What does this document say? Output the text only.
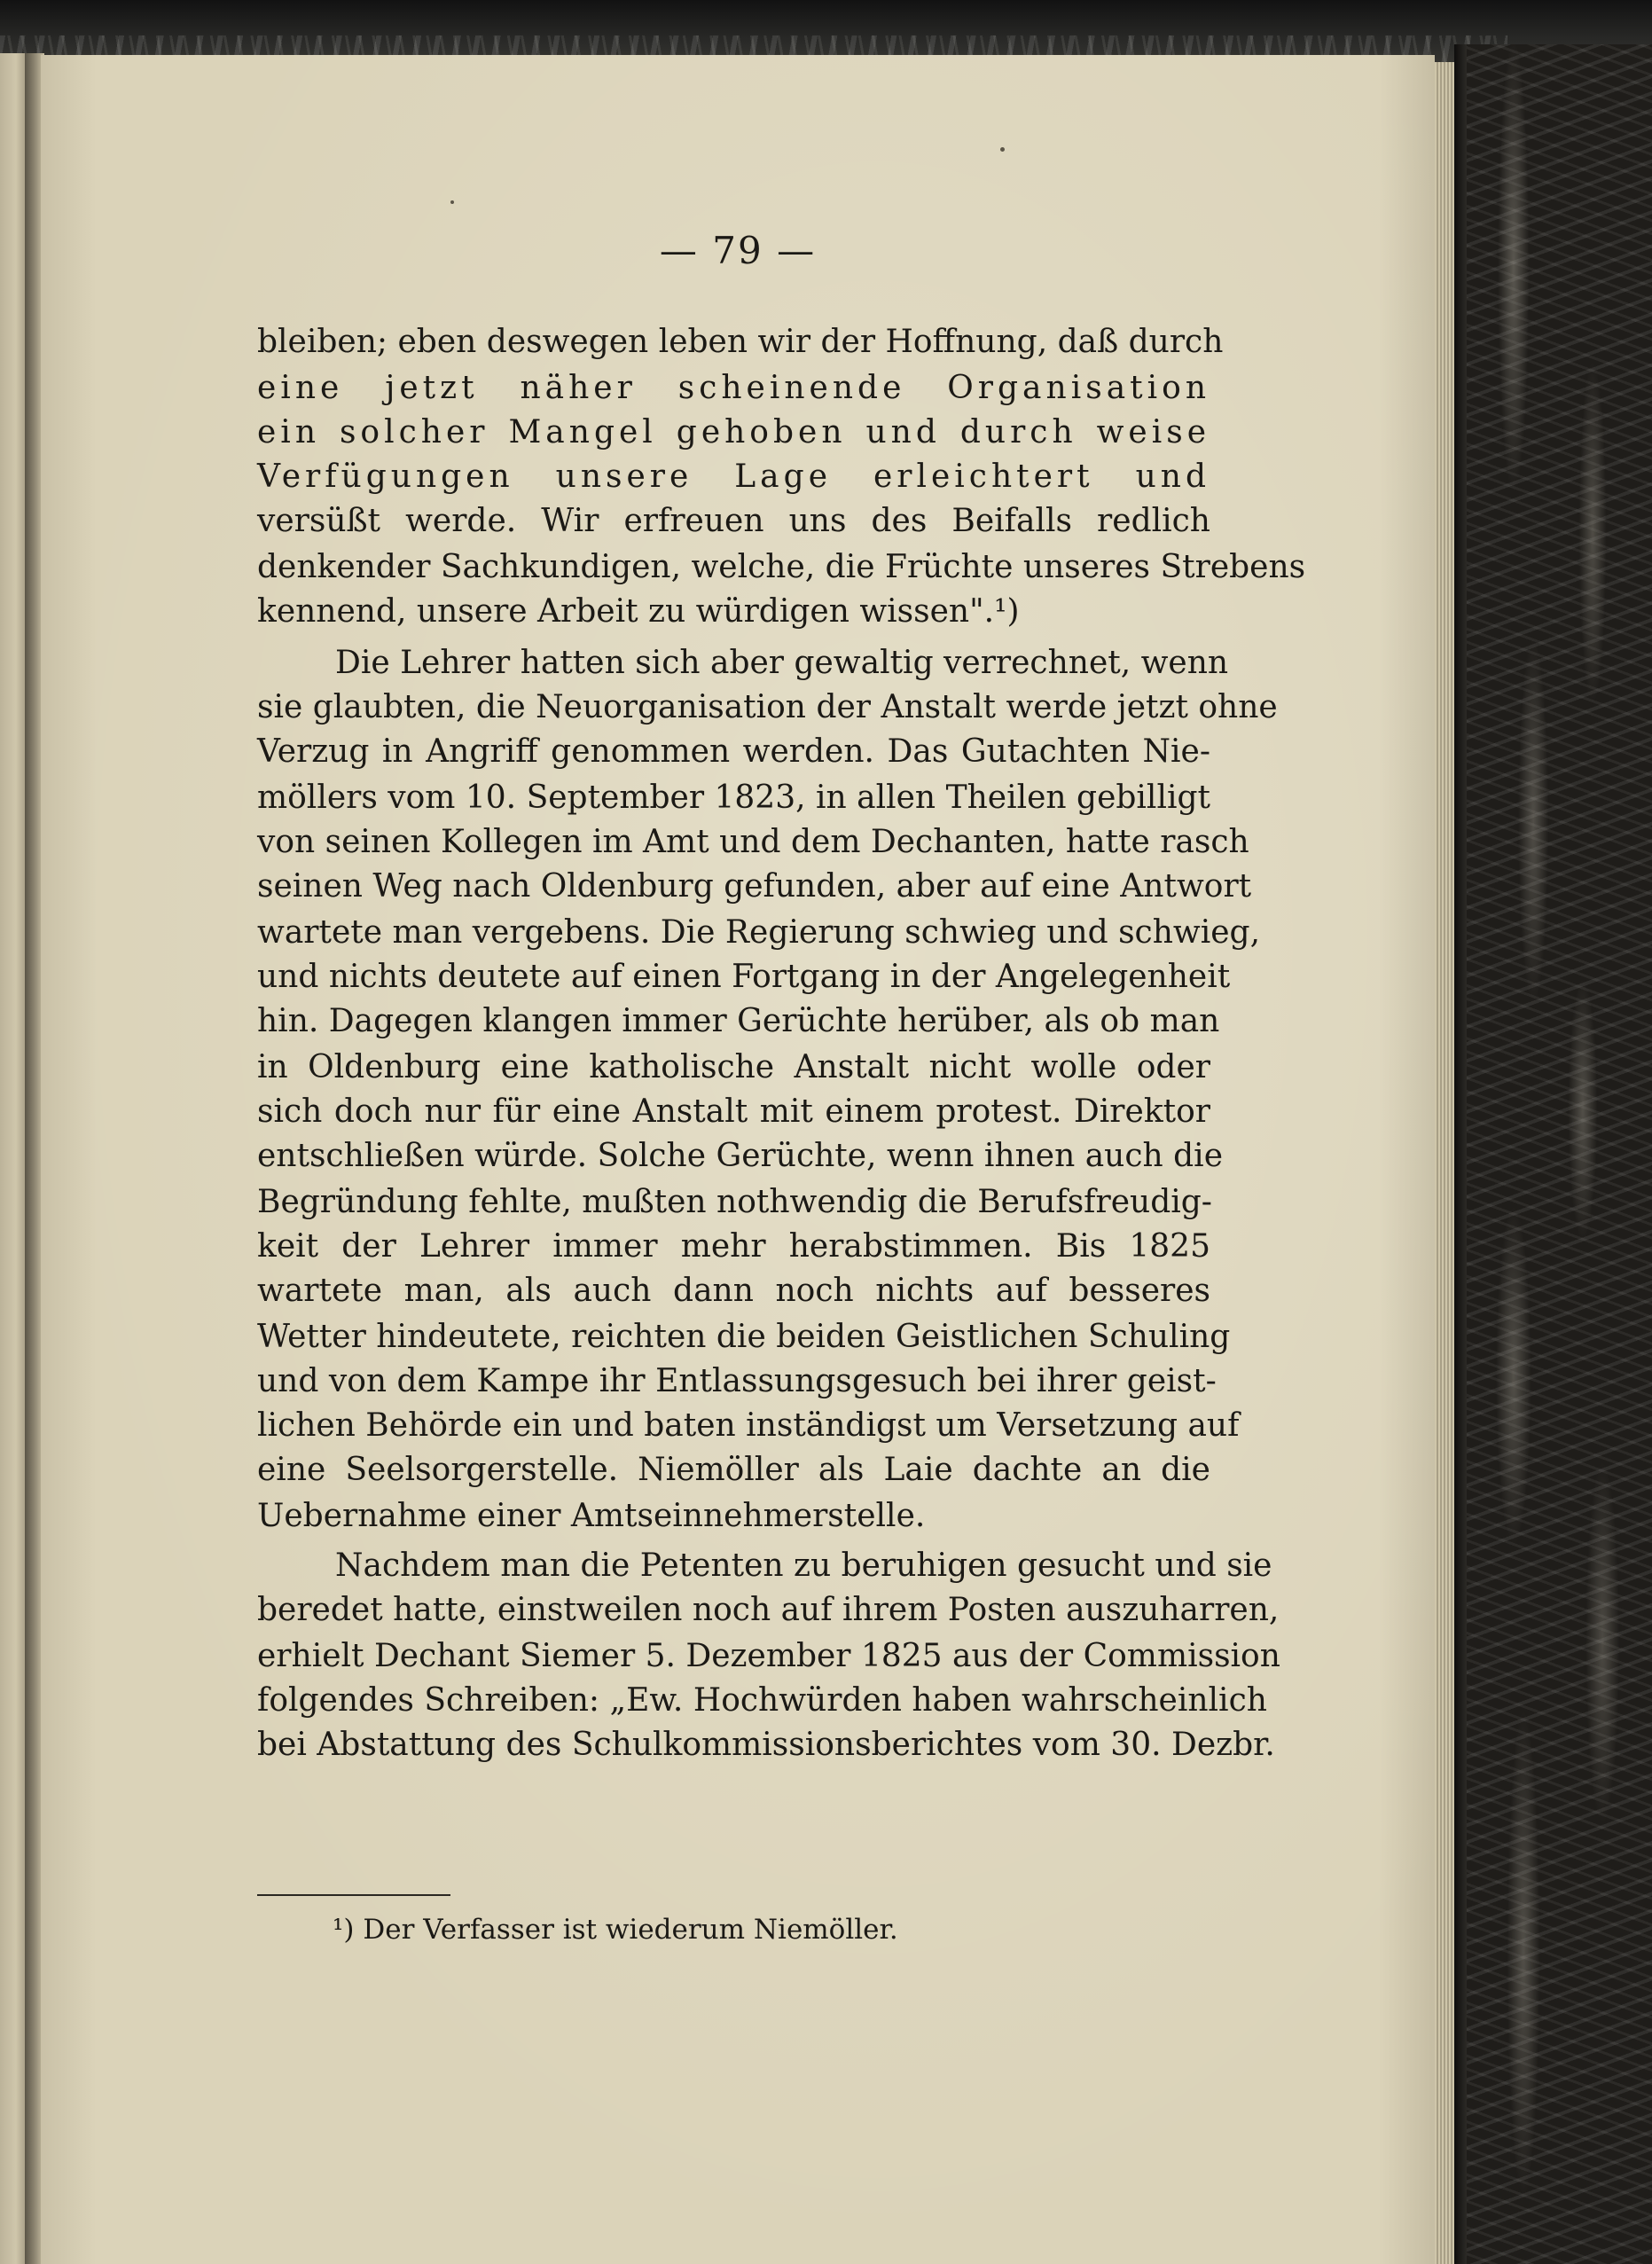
— 79 —
bleiben; eben deswegen leben wir der Hoffnung, daß durch
eine jetzt näher scheinende Organisation
ein solcher Mangel gehoben und durch weise
Verfügungen unsere Lage erleichtert und
versüßt werde. Wir erfreuen uns des Beifalls redlich
denkender Sachkundigen, welche, die Früchte unseres Strebens
kennend, unsere Arbeit zu würdigen wissen".¹)
Die Lehrer hatten sich aber gewaltig verrechnet, wenn
sie glaubten, die Neuorganisation der Anstalt werde jetzt ohne
Verzug in Angriff genommen werden. Das Gutachten Nie-
möllers vom 10. September 1823, in allen Theilen gebilligt
von seinen Kollegen im Amt und dem Dechanten, hatte rasch
seinen Weg nach Oldenburg gefunden, aber auf eine Antwort
wartete man vergebens. Die Regierung schwieg und schwieg,
und nichts deutete auf einen Fortgang in der Angelegenheit
hin. Dagegen klangen immer Gerüchte herüber, als ob man
in Oldenburg eine katholische Anstalt nicht wolle oder
sich doch nur für eine Anstalt mit einem protest. Direktor
entschließen würde. Solche Gerüchte, wenn ihnen auch die
Begründung fehlte, mußten nothwendig die Berufsfreudig-
keit der Lehrer immer mehr herabstimmen. Bis 1825
wartete man, als auch dann noch nichts auf besseres
Wetter hindeutete, reichten die beiden Geistlichen Schuling
und von dem Kampe ihr Entlassungsgesuch bei ihrer geist-
lichen Behörde ein und baten inständigst um Versetzung auf
eine Seelsorgerstelle. Niemöller als Laie dachte an die
Uebernahme einer Amtseinnehmerstelle.
Nachdem man die Petenten zu beruhigen gesucht und sie
beredet hatte, einstweilen noch auf ihrem Posten auszuharren,
erhielt Dechant Siemer 5. Dezember 1825 aus der Commission
folgendes Schreiben: „Ew. Hochwürden haben wahrscheinlich
bei Abstattung des Schulkommissionsberichtes vom 30. Dezbr.
¹) Der Verfasser ist wiederum Niemöller.
